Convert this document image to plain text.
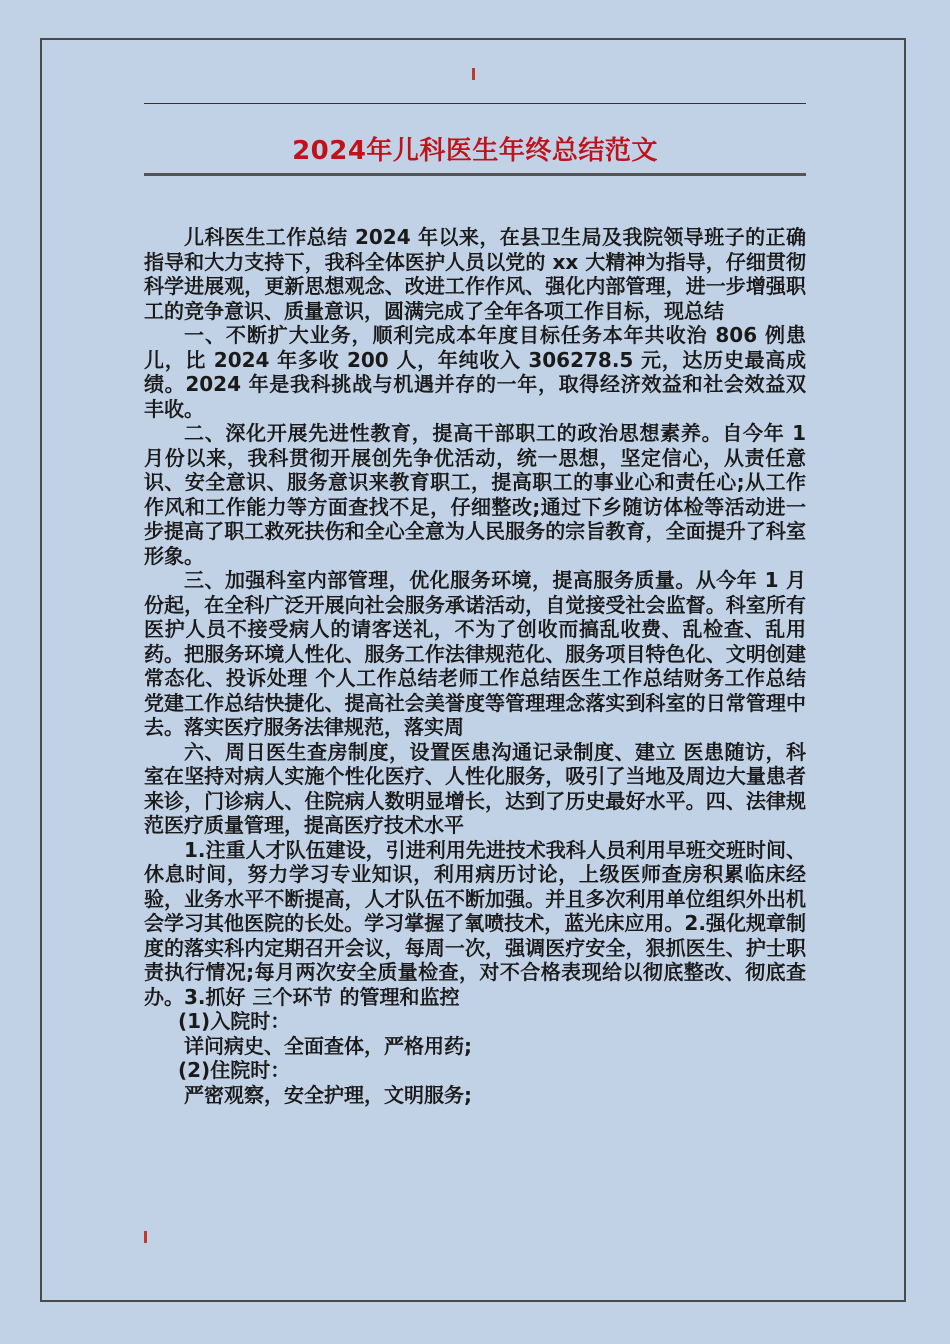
2024年儿科医生年终总结范文

儿科医生工作总结 2024 年以来，在县卫生局及我院领导班子的正确指导和大力支持下，我科全体医护人员以党的 xx 大精神为指导，仔细贯彻科学进展观，更新思想观念、改进工作作风、强化内部管理，进一步增强职工的竞争意识、质量意识，圆满完成了全年各项工作目标，现总结

一、不断扩大业务，顺利完成本年度目标任务本年共收治 806 例患儿，比 2024 年多收 200 人，年纯收入 306278.5 元，达历史最高成绩。2024 年是我科挑战与机遇并存的一年，取得经济效益和社会效益双丰收。

二、深化开展先进性教育，提高干部职工的政治思想素养。自今年 1 月份以来，我科贯彻开展创先争优活动，统一思想，坚定信心，从责任意识、安全意识、服务意识来教育职工，提高职工的事业心和责任心;从工作作风和工作能力等方面查找不足，仔细整改;通过下乡随访体检等活动进一步提高了职工救死扶伤和全心全意为人民服务的宗旨教育，全面提升了科室形象。

三、加强科室内部管理，优化服务环境，提高服务质量。从今年 1 月份起，在全科广泛开展向社会服务承诺活动，自觉接受社会监督。科室所有医护人员不接受病人的请客送礼，不为了创收而搞乱收费、乱检查、乱用药。把服务环境人性化、服务工作法律规范化、服务项目特色化、文明创建常态化、投诉处理 个人工作总结老师工作总结医生工作总结财务工作总结党建工作总结快捷化、提高社会美誉度等管理理念落实到科室的日常管理中去。落实医疗服务法律规范，落实周

六、周日医生查房制度，设置医患沟通记录制度、建立 医患随访，科室在坚持对病人实施个性化医疗、人性化服务，吸引了当地及周边大量患者来诊，门诊病人、住院病人数明显增长，达到了历史最好水平。四、法律规范医疗质量管理，提高医疗技术水平

1.注重人才队伍建设，引进利用先进技术我科人员利用早班交班时间、休息时间，努力学习专业知识，利用病历讨论，上级医师查房积累临床经验，业务水平不断提高，人才队伍不断加强。并且多次利用单位组织外出机会学习其他医院的长处。学习掌握了氧喷技术，蓝光床应用。2.强化规章制度的落实科内定期召开会议，每周一次，强调医疗安全，狠抓医生、护士职责执行情况;每月两次安全质量检查，对不合格表现给以彻底整改、彻底查办。3.抓好 三个环节 的管理和监控

(1)入院时：

详问病史、全面查体，严格用药;

(2)住院时：

严密观察，安全护理，文明服务;
